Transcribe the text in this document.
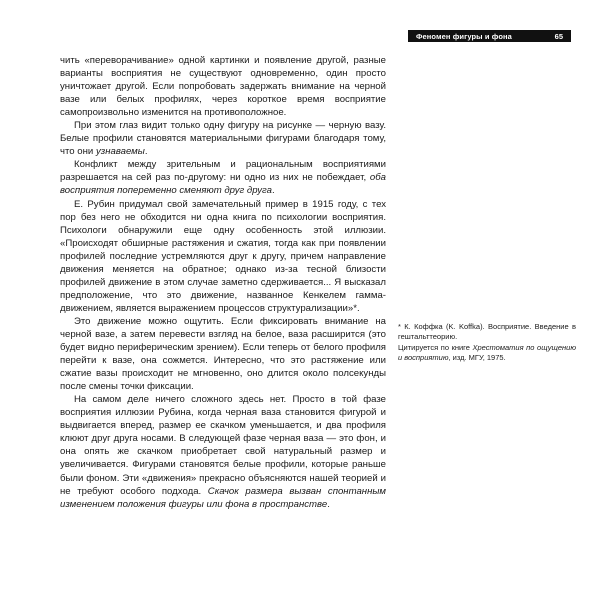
Феномен фигуры и фона	65

чить «переворачивание» одной картинки и появление другой, разные варианты восприятия не существуют одновременно, один просто уничтожает другой. Если попробовать задержать внимание на черной вазе или белых профилях, через короткое время восприятие самопроизвольно изменится на противоположное.

При этом глаз видит только одну фигуру на рисунке — черную вазу. Белые профили становятся материальными фигурами благодаря тому, что они узнаваемы.

Конфликт между зрительным и рациональным восприятиями разрешается на сей раз по-другому: ни одно из них не побеждает, оба восприятия попеременно сменяют друг друга.

Е. Рубин придумал свой замечательный пример в 1915 году, с тех пор без него не обходится ни одна книга по психологии восприятия. Психологи обнаружили еще одну особенность этой иллюзии. «Происходят обширные растяжения и сжатия, тогда как при появлении профилей последние устремляются друг к другу, причем направление движения меняется на обратное; однако из-за тесной близости профилей движение в этом случае заметно сдерживается... Я высказал предположение, что это движение, названное Кенкелем гамма-движением, является выражением процессов структурализации»*.

Это движение можно ощутить. Если фиксировать внимание на черной вазе, а затем перевести взгляд на белое, ваза расширится (это будет видно периферическим зрением). Если теперь от белого профиля перейти к вазе, она сожмется. Интересно, что это растяжение или сжатие вазы происходит не мгновенно, оно длится около полсекунды после смены точки фиксации.

На самом деле ничего сложного здесь нет. Просто в той фазе восприятия иллюзии Рубина, когда черная ваза становится фигурой и выдвигается вперед, размер ее скачком уменьшается, и два профиля клюют друг друга носами. В следующей фазе черная ваза — это фон, и она опять же скачком приобретает свой натуральный размер и увеличивается. Фигурами становятся белые профили, которые раньше были фоном. Эти «движения» прекрасно объясняются нашей теорией и не требуют особого подхода. Скачок размера вызван спонтанным изменением положения фигуры или фона в пространстве.

* К. Коффка (K. Koffka). Восприятие. Введение в гештальттеорию.

Цитируется по книге Хрестоматия по ощущению и восприятию, изд. МГУ, 1975.
